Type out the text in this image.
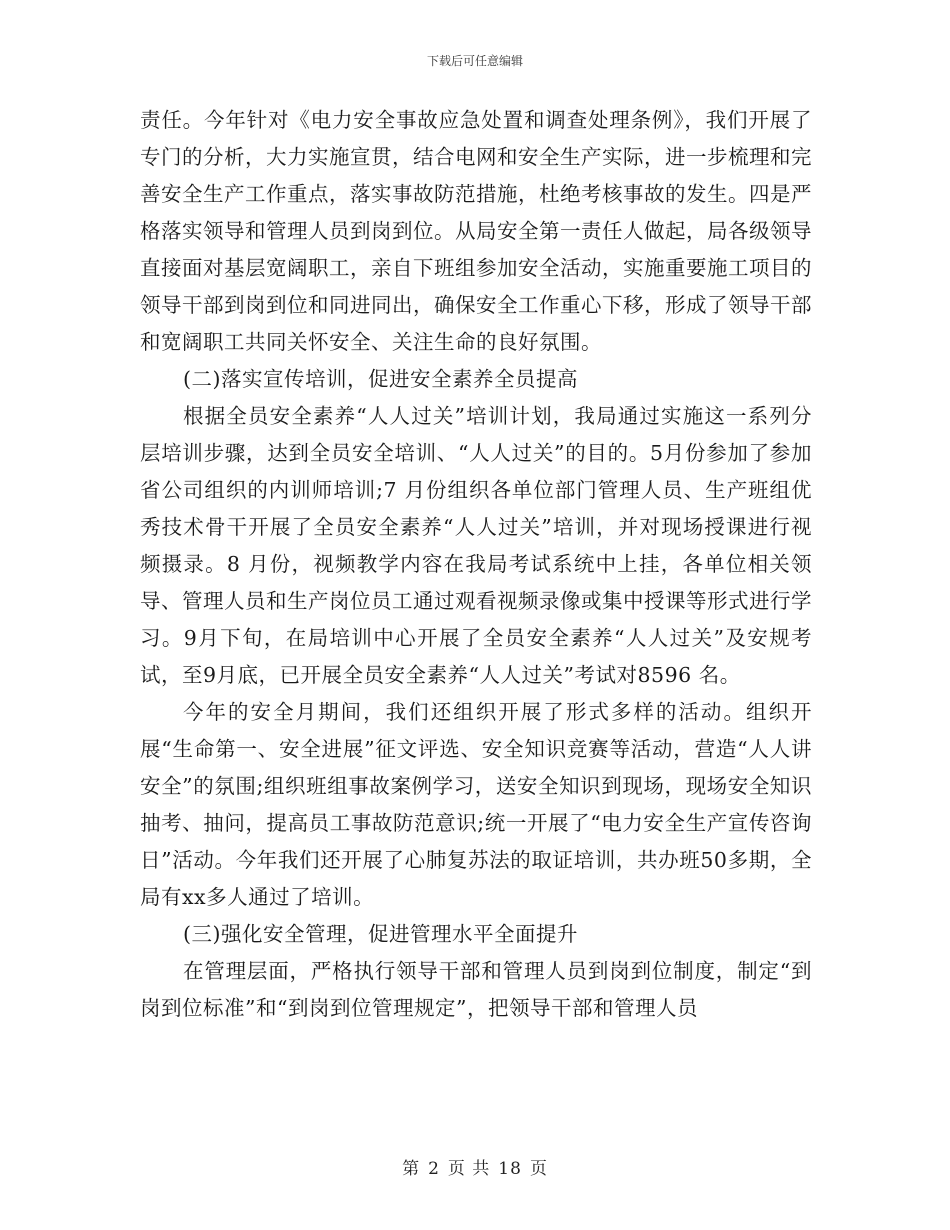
下载后可任意编辑

责任。今年针对《电力安全事故应急处置和调查处理条例》，我们开展了专门的分析，大力实施宣贯，结合电网和安全生产实际，进一步梳理和完善安全生产工作重点，落实事故防范措施，杜绝考核事故的发生。四是严格落实领导和管理人员到岗到位。从局安全第一责任人做起，局各级领导直接面对基层宽阔职工，亲自下班组参加安全活动，实施重要施工项目的领导干部到岗到位和同进同出，确保安全工作重心下移，形成了领导干部和宽阔职工共同关怀安全、关注生命的良好氛围。

(二)落实宣传培训，促进安全素养全员提高

根据全员安全素养“人人过关”培训计划，我局通过实施这一系列分层培训步骤，达到全员安全培训、“人人过关”的目的。5月份参加了参加省公司组织的内训师培训;7 月份组织各单位部门管理人员、生产班组优秀技术骨干开展了全员安全素养“人人过关”培训，并对现场授课进行视频摄录。8 月份，视频教学内容在我局考试系统中上挂，各单位相关领导、管理人员和生产岗位员工通过观看视频录像或集中授课等形式进行学习。9月下旬，在局培训中心开展了全员安全素养“人人过关”及安规考试，至9月底，已开展全员安全素养“人人过关”考试对8596 名。

今年的安全月期间，我们还组织开展了形式多样的活动。组织开展“生命第一、安全进展”征文评选、安全知识竞赛等活动，营造“人人讲安全”的氛围;组织班组事故案例学习，送安全知识到现场，现场安全知识抽考、抽问，提高员工事故防范意识;统一开展了“电力安全生产宣传咨询日”活动。今年我们还开展了心肺复苏法的取证培训，共办班50多期，全局有xx多人通过了培训。

(三)强化安全管理，促进管理水平全面提升

在管理层面，严格执行领导干部和管理人员到岗到位制度，制定“到岗到位标准”和“到岗到位管理规定”，把领导干部和管理人员

第 2 页 共 18 页
